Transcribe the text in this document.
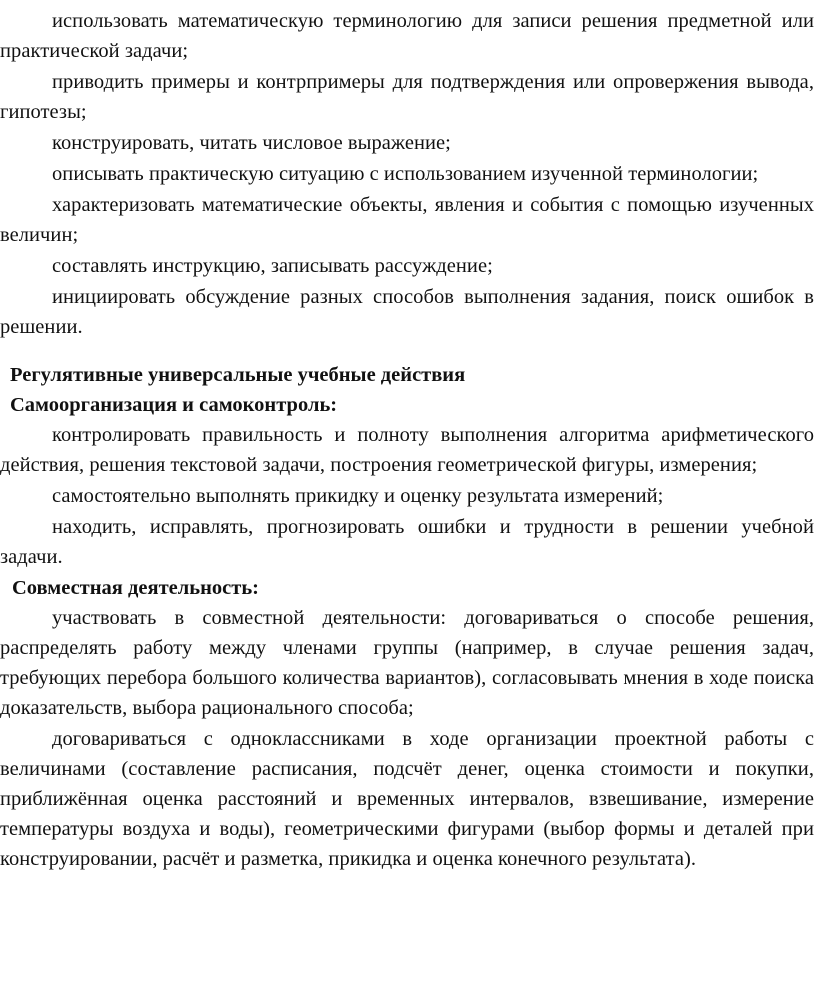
использовать математическую терминологию для записи решения предметной или практической задачи;

приводить примеры и контрпримеры для подтверждения или опровержения вывода, гипотезы;

конструировать, читать числовое выражение;

описывать практическую ситуацию с использованием изученной терминологии;

характеризовать математические объекты, явления и события с помощью изученных величин;

составлять инструкцию, записывать рассуждение;

инициировать обсуждение разных способов выполнения задания, поиск ошибок в решении.

Регулятивные универсальные учебные действия

Самоорганизация и самоконтроль:

контролировать правильность и полноту выполнения алгоритма арифметического действия, решения текстовой задачи, построения геометрической фигуры, измерения;

самостоятельно выполнять прикидку и оценку результата измерений;

находить, исправлять, прогнозировать ошибки и трудности в решении учебной задачи.

Совместная деятельность:

участвовать в совместной деятельности: договариваться о способе решения, распределять работу между членами группы (например, в случае решения задач, требующих перебора большого количества вариантов), согласовывать мнения в ходе поиска доказательств, выбора рационального способа;

договариваться с одноклассниками в ходе организации проектной работы с величинами (составление расписания, подсчёт денег, оценка стоимости и покупки, приближённая оценка расстояний и временных интервалов, взвешивание, измерение температуры воздуха и воды), геометрическими фигурами (выбор формы и деталей при конструировании, расчёт и разметка, прикидка и оценка конечного результата).
